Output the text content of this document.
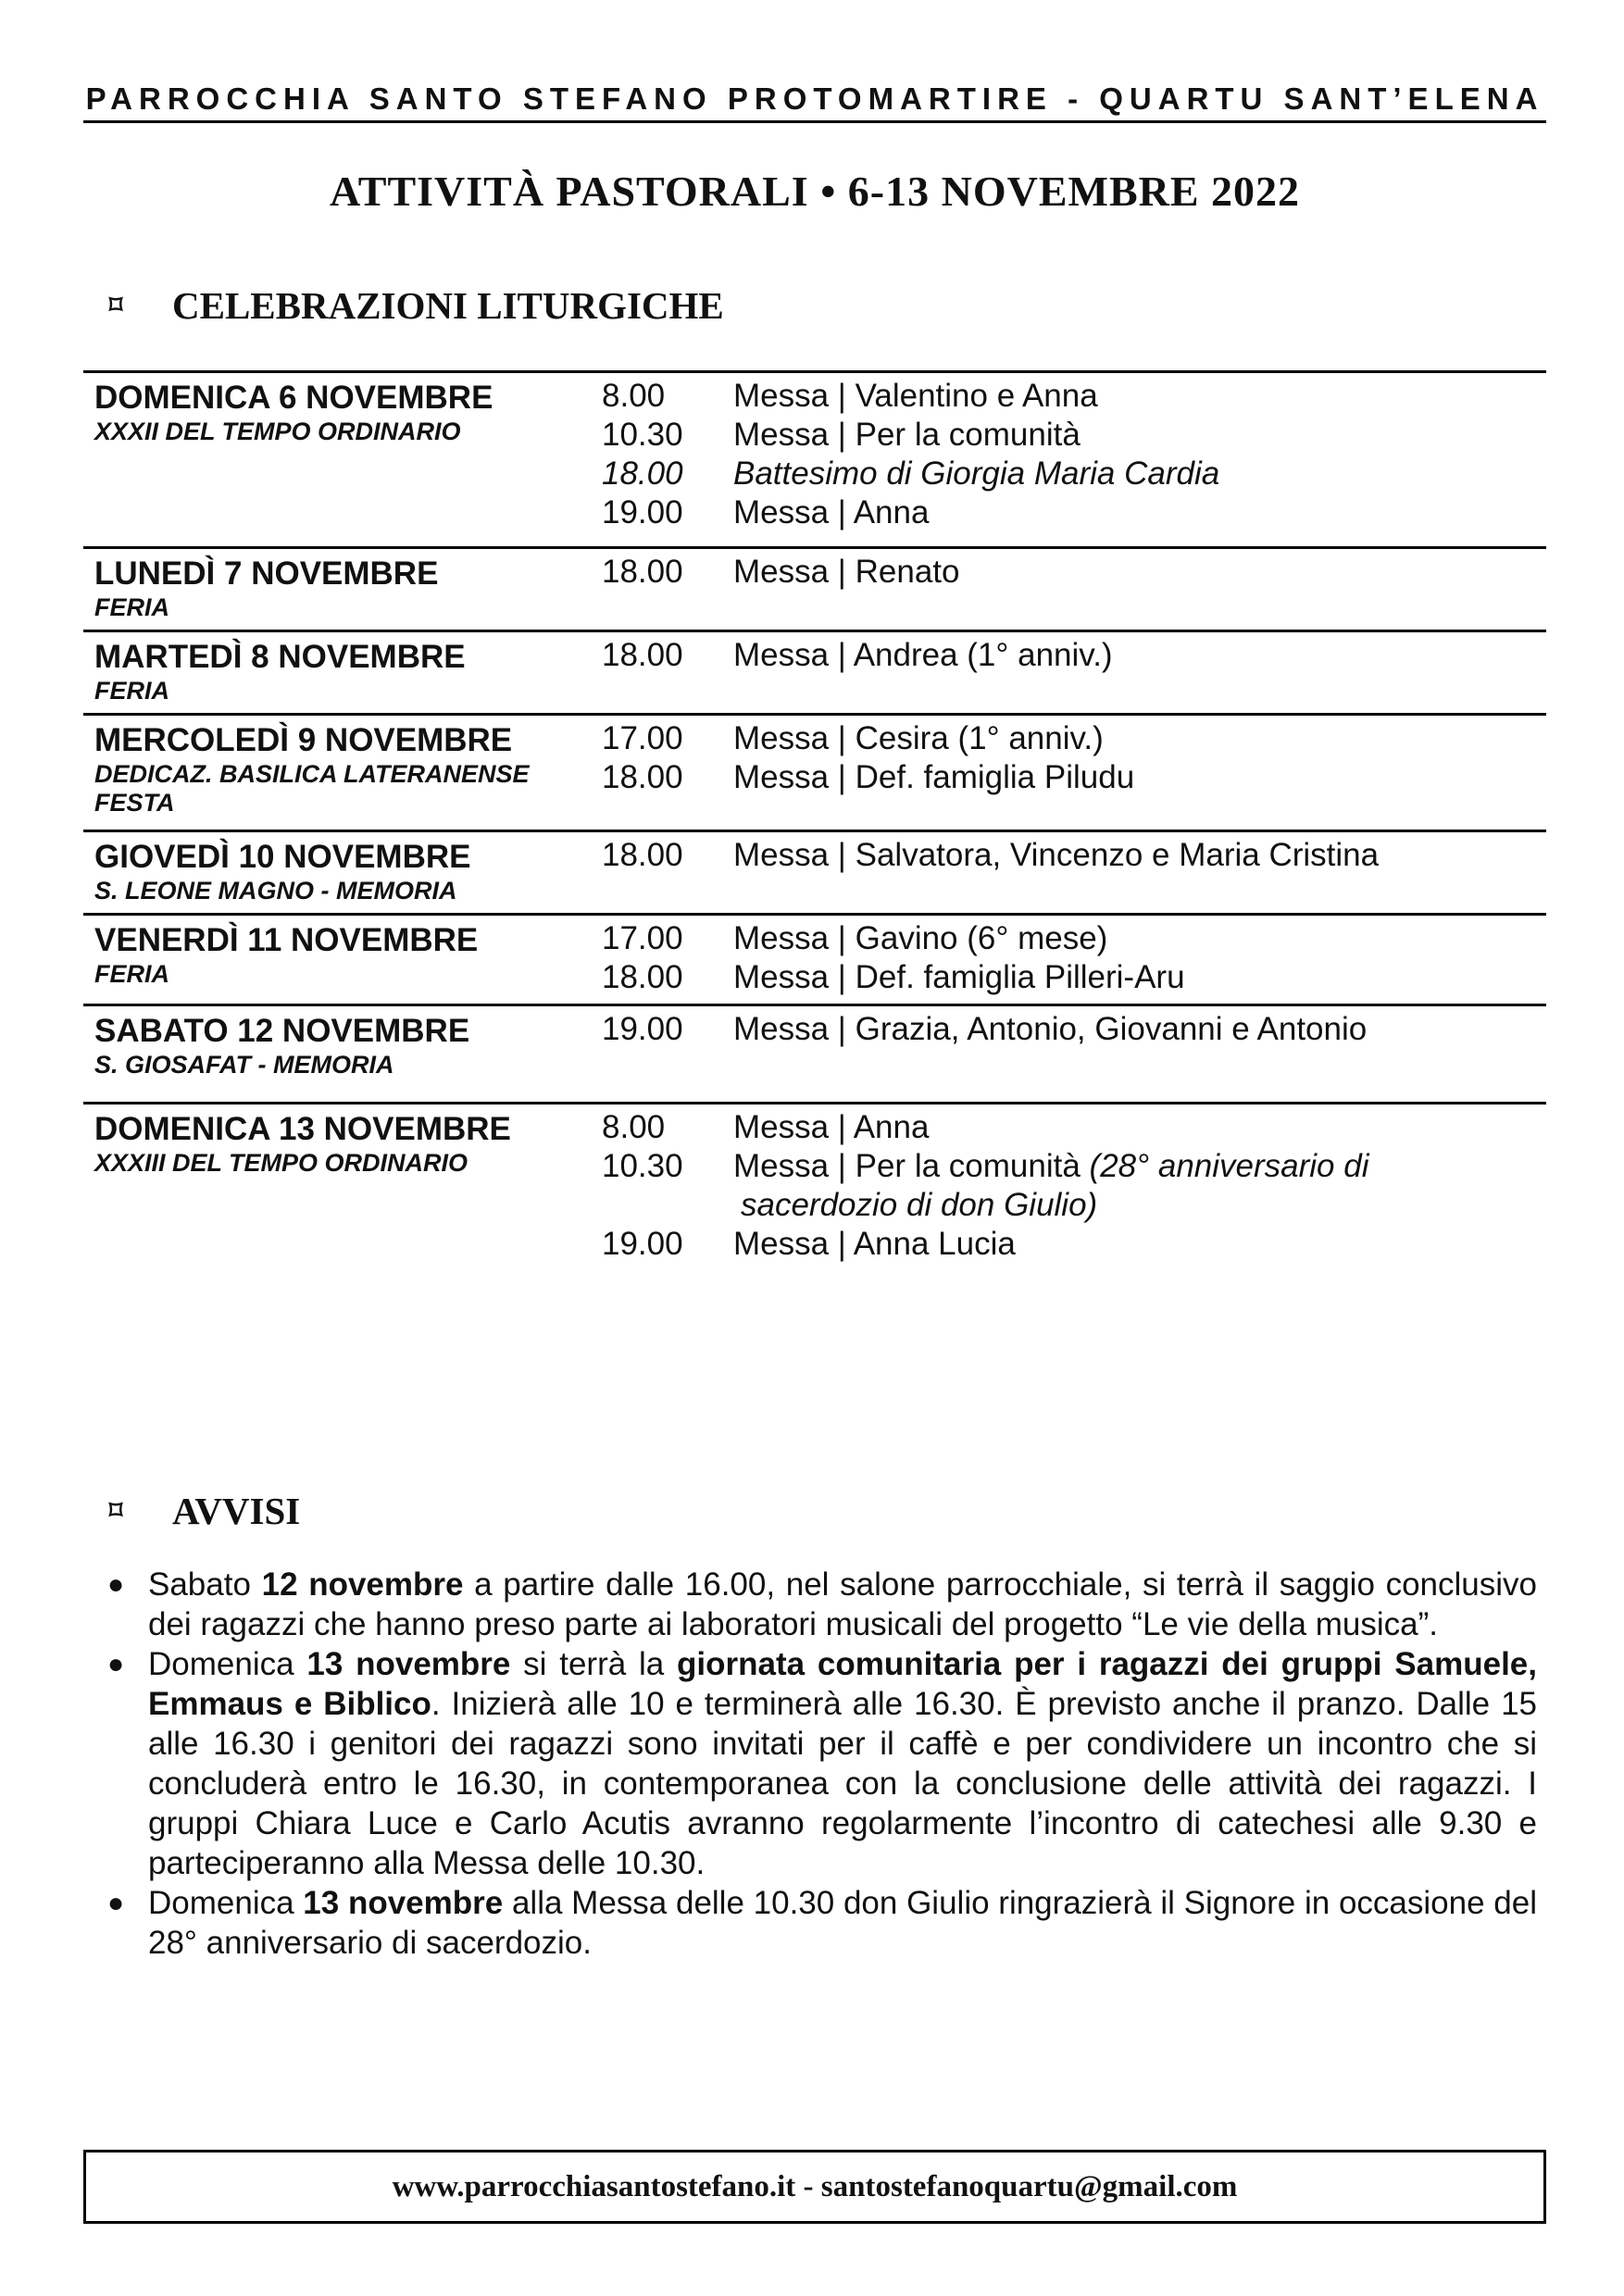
PARROCCHIA SANTO STEFANO PROTOMARTIRE - QUARTU SANT’ELENA
ATTIVITÀ PASTORALI • 6-13 NOVEMBRE 2022
⌑ CELEBRAZIONI LITURGICHE
DOMENICA 6 NOVEMBRE
XXXII DEL TEMPO ORDINARIO
8.00	Messa | Valentino e Anna
10.30	Messa | Per la comunità
18.00	Battesimo di Giorgia Maria Cardia
19.00	Messa | Anna
LUNEDÌ 7 NOVEMBRE
FERIA
18.00	Messa | Renato
MARTEDÌ 8 NOVEMBRE
FERIA
18.00	Messa | Andrea (1° anniv.)
MERCOLEDÌ 9 NOVEMBRE
DEDICAZ. BASILICA LATERANENSE
FESTA
17.00	Messa | Cesira (1° anniv.)
18.00	Messa | Def. famiglia Piludu
GIOVEDÌ 10 NOVEMBRE
S. LEONE MAGNO - MEMORIA
18.00	Messa | Salvatora, Vincenzo e Maria Cristina
VENERDÌ 11 NOVEMBRE
FERIA
17.00	Messa | Gavino (6° mese)
18.00	Messa | Def. famiglia Pilleri-Aru
SABATO 12 NOVEMBRE
S. GIOSAFAT - MEMORIA
19.00	Messa | Grazia, Antonio, Giovanni e Antonio
DOMENICA 13 NOVEMBRE
XXXIII DEL TEMPO ORDINARIO
8.00	Messa | Anna
10.30	Messa | Per la comunità (28° anniversario di
sacerdozio di don Giulio)
19.00	Messa | Anna Lucia
⌑ AVVISI
● Sabato 12 novembre a partire dalle 16.00, nel salone parrocchiale, si terrà il saggio conclusivo dei ragazzi che hanno preso parte ai laboratori musicali del progetto “Le vie della musica”.
● Domenica 13 novembre si terrà la giornata comunitaria per i ragazzi dei gruppi Samuele, Emmaus e Biblico. Inizierà alle 10 e terminerà alle 16.30. È previsto anche il pranzo. Dalle 15 alle 16.30 i genitori dei ragazzi sono invitati per il caffè e per condividere un incontro che si concluderà entro le 16.30, in contemporanea con la conclusione delle attività dei ragazzi. I gruppi Chiara Luce e Carlo Acutis avranno regolarmente l’incontro di catechesi alle 9.30 e parteciperanno alla Messa delle 10.30.
● Domenica 13 novembre alla Messa delle 10.30 don Giulio ringrazierà il Signore in occasione del 28° anniversario di sacerdozio.
www.parrocchiasantostefano.it - santostefanoquartu@gmail.com
